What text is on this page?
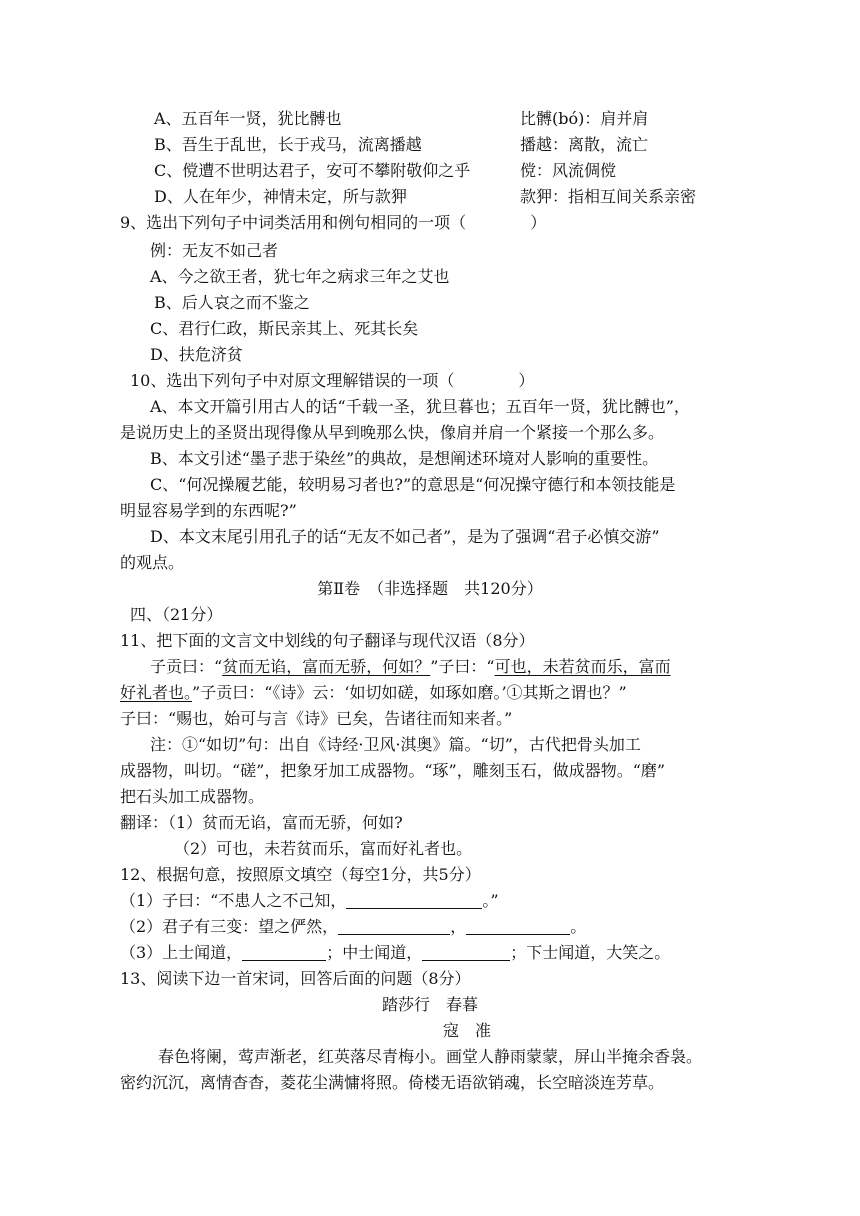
A、五百年一贤，犹比髆也	比髆(bó)：肩并肩
B、吾生于乱世，长于戎马，流离播越	播越：离散，流亡
C、傥遭不世明达君子，安可不攀附敬仰之乎	傥：风流倜傥
D、人在年少，神情未定，所与款狎	款狎：指相互间关系亲密
9、选出下列句子中词类活用和例句相同的一项（	）
例：无友不如己者
A、今之欲王者，犹七年之病求三年之艾也
B、后人哀之而不鉴之
C、君行仁政，斯民亲其上、死其长矣
D、扶危济贫
10、选出下列句子中对原文理解错误的一项（	）
A、本文开篇引用古人的话“千载一圣，犹旦暮也；五百年一贤，犹比髆也”，
是说历史上的圣贤出现得像从早到晚那么快，像肩并肩一个紧接一个那么多。
B、本文引述“墨子悲于染丝”的典故，是想阐述环境对人影响的重要性。
C、“何况操履艺能，较明易习者也?”的意思是“何况操守德行和本领技能是
明显容易学到的东西呢?”
D、本文末尾引用孔子的话“无友不如己者”，是为了强调“君子必慎交游”
的观点。
第Ⅱ卷　（非选择题　共120分）
四、（21分）
11、把下面的文言文中划线的句子翻译与现代汉语（8分）
子贡曰：“贫而无谄，富而无骄，何如？”子曰：“可也，未若贫而乐，富而
好礼者也。”子贡曰：“《诗》云：‘如切如磋，如琢如磨。’①其斯之谓也？”
子曰：“赐也，始可与言《诗》已矣，告诸往而知来者。”
注：①“如切”句：出自《诗经·卫风·淇奥》篇。“切”，古代把骨头加工
成器物，叫切。“磋”，把象牙加工成器物。“琢”，雕刻玉石，做成器物。“磨”
把石头加工成器物。
翻译：（1）贫而无谄，富而无骄，何如?
（2）可也，未若贫而乐，富而好礼者也。
12、根据句意，按照原文填空（每空1分，共5分）
（1）子曰：“不患人之不己知，	。”
（2）君子有三变：望之俨然，	，	。
（3）上士闻道，	；中士闻道，	；下士闻道，大笑之。
13、阅读下边一首宋词，回答后面的问题（8分）
踏莎行　春暮
寇　准
春色将阑，莺声渐老，红英落尽青梅小。画堂人静雨蒙蒙，屏山半掩余香袅。
密约沉沉，离情杳杳，菱花尘满慵将照。倚楼无语欲销魂，长空暗淡连芳草。
